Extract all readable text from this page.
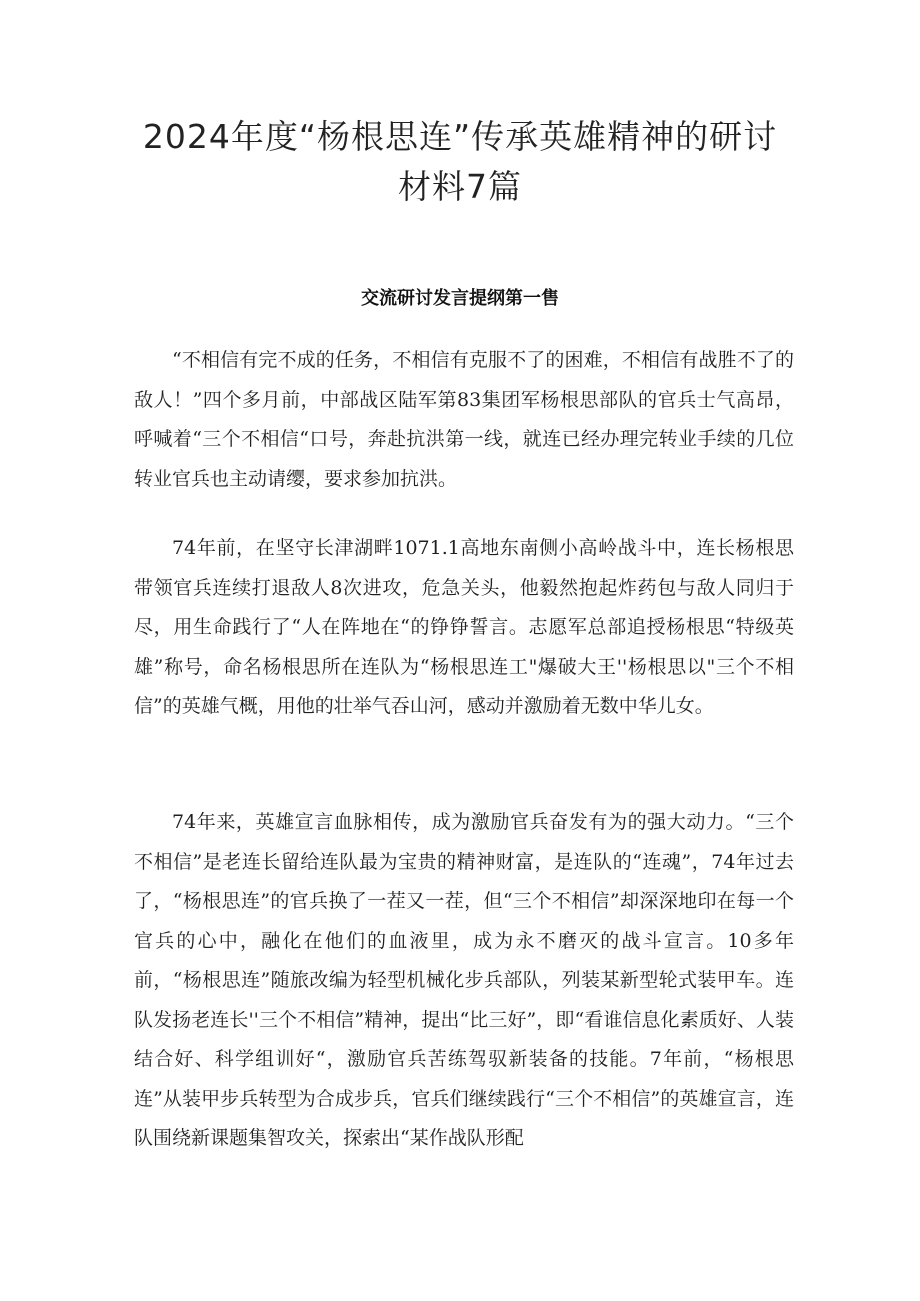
2024年度“杨根思连”传承英雄精神的研讨材料7篇
交流研讨发言提纲第一售

“不相信有完不成的任务，不相信有克服不了的困难，不相信有战胜不了的敌人！”四个多月前，中部战区陆军第83集团军杨根思部队的官兵士气高昂，呼喊着“三个不相信“口号，奔赴抗洪第一线，就连已经办理完转业手续的几位转业官兵也主动请缨，要求参加抗洪。

74年前，在坚守长津湖畔1071.1高地东南侧小高岭战斗中，连长杨根思带领官兵连续打退敌人8次进攻，危急关头，他毅然抱起炸药包与敌人同归于尽，用生命践行了“人在阵地在“的铮铮誓言。志愿军总部追授杨根思“特级英雄”称号，命名杨根思所在连队为“杨根思连工"爆破大王''杨根思以"三个不相信”的英雄气概，用他的壮举气吞山河，感动并激励着无数中华儿女。

74年来，英雄宣言血脉相传，成为激励官兵奋发有为的强大动力。“三个不相信”是老连长留给连队最为宝贵的精神财富，是连队的“连魂”，74年过去了，“杨根思连”的官兵换了一茬又一茬，但“三个不相信”却深深地印在每一个官兵的心中，融化在他们的血液里，成为永不磨灭的战斗宣言。10多年前，“杨根思连”随旅改编为轻型机械化步兵部队，列装某新型轮式装甲车。连队发扬老连长''三个不相信”精神，提出“比三好”，即“看谁信息化素质好、人装结合好、科学组训好“，激励官兵苦练驾驭新装备的技能。7年前，“杨根思连”从装甲步兵转型为合成步兵，官兵们继续践行“三个不相信”的英雄宣言，连队围绕新课题集智攻关，探索出“某作战队形配
